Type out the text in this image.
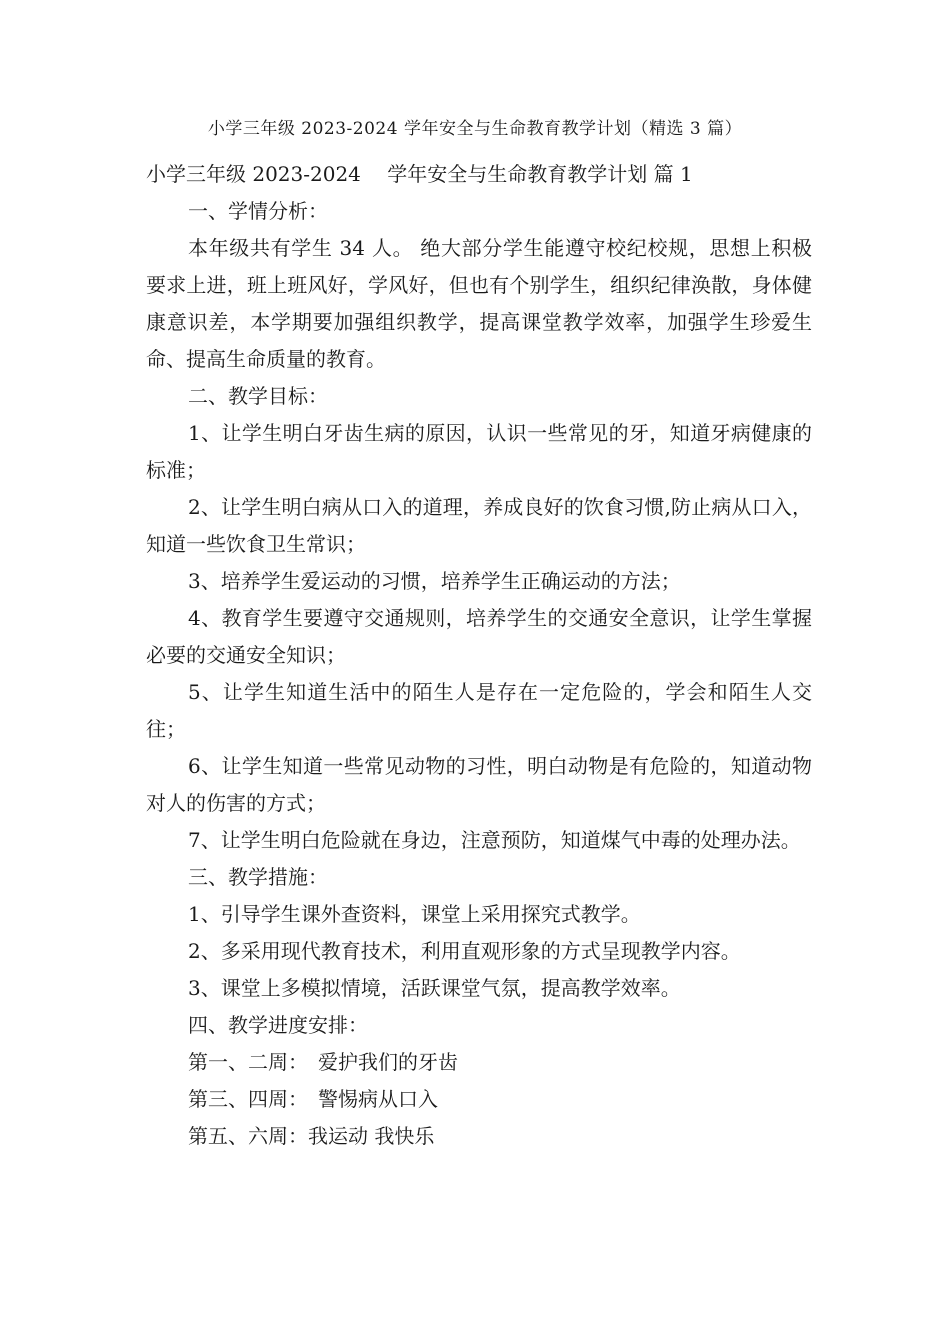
小学三年级 2023-2024 学年安全与生命教育教学计划（精选 3 篇）

小学三年级 2023-2024　 学年安全与生命教育教学计划 篇 1

一、学情分析：

本年级共有学生 34 人。 绝大部分学生能遵守校纪校规，思想上积极要求上进，班上班风好，学风好，但也有个别学生，组织纪律涣散，身体健康意识差，本学期要加强组织教学，提高课堂教学效率，加强学生珍爱生命、提高生命质量的教育。

二、教学目标：

1、让学生明白牙齿生病的原因，认识一些常见的牙，知道牙病健康的标准；

2、让学生明白病从口入的道理，养成良好的饮食习惯,防止病从口入，知道一些饮食卫生常识；

3、培养学生爱运动的习惯，培养学生正确运动的方法；

4、教育学生要遵守交通规则，培养学生的交通安全意识，让学生掌握必要的交通安全知识；

5、让学生知道生活中的陌生人是存在一定危险的，学会和陌生人交往；

6、让学生知道一些常见动物的习性，明白动物是有危险的，知道动物对人的伤害的方式；

7、让学生明白危险就在身边，注意预防，知道煤气中毒的处理办法。

三、教学措施：

1、引导学生课外查资料，课堂上采用探究式教学。

2、多采用现代教育技术，利用直观形象的方式呈现教学内容。

3、课堂上多模拟情境，活跃课堂气氛，提高教学效率。

四、教学进度安排：

第一、二周：　爱护我们的牙齿

第三、四周：　警惕病从口入

第五、六周：我运动 我快乐
